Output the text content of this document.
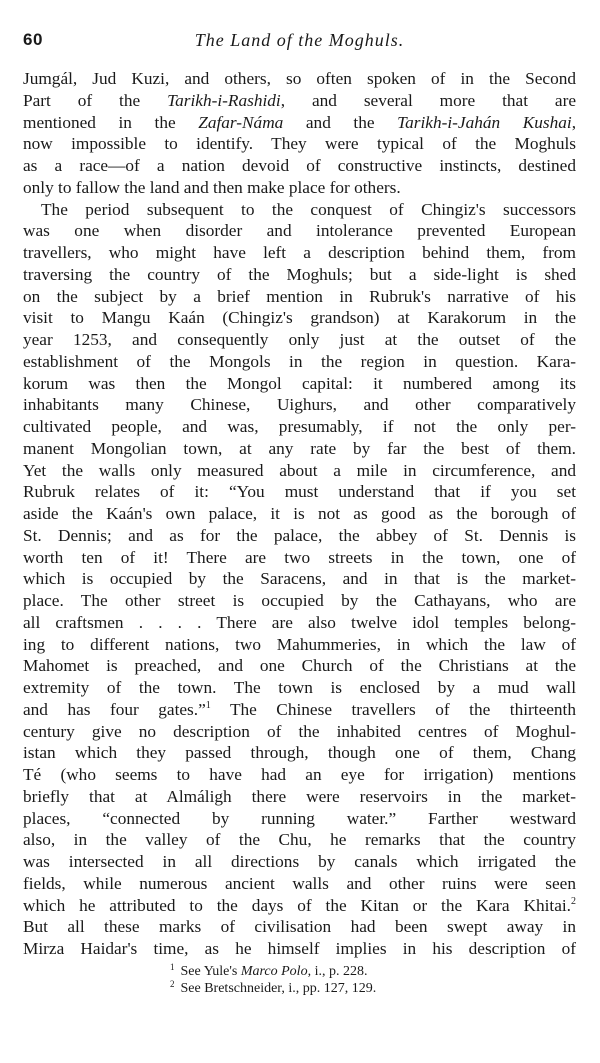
60	The Land of the Moghuls.
Jumgál, Jud Kuzi, and others, so often spoken of in the Second
Part of the Tarikh-i-Rashidi, and several more that are
mentioned in the Zafar-Náma and the Tarikh-i-Jahán Kushai,
now impossible to identify. They were typical of the Moghuls
as a race—of a nation devoid of constructive instincts, destined
only to fallow the land and then make place for others.
The period subsequent to the conquest of Chingiz's successors
was one when disorder and intolerance prevented European
travellers, who might have left a description behind them, from
traversing the country of the Moghuls; but a side-light is shed
on the subject by a brief mention in Rubruk's narrative of his
visit to Mangu Kaán (Chingiz's grandson) at Karakorum in the
year 1253, and consequently only just at the outset of the
establishment of the Mongols in the region in question. Kara-
korum was then the Mongol capital: it numbered among its
inhabitants many Chinese, Uighurs, and other comparatively
cultivated people, and was, presumably, if not the only per-
manent Mongolian town, at any rate by far the best of them.
Yet the walls only measured about a mile in circumference, and
Rubruk relates of it: “You must understand that if you set
aside the Kaán's own palace, it is not as good as the borough of
St. Dennis; and as for the palace, the abbey of St. Dennis is
worth ten of it! There are two streets in the town, one of
which is occupied by the Saracens, and in that is the market-
place. The other street is occupied by the Cathayans, who are
all craftsmen . . . . There are also twelve idol temples belong-
ing to different nations, two Mahummeries, in which the law of
Mahomet is preached, and one Church of the Christians at the
extremity of the town. The town is enclosed by a mud wall
and has four gates.”$^1$ The Chinese travellers of the thirteenth
century give no description of the inhabited centres of Moghul-
istan which they passed through, though one of them, Chang
Té (who seems to have had an eye for irrigation) mentions
briefly that at Almáligh there were reservoirs in the market-
places, “connected by running water.” Farther westward
also, in the valley of the Chu, he remarks that the country
was intersected in all directions by canals which irrigated the
fields, while numerous ancient walls and other ruins were seen
which he attributed to the days of the Kitan or the Kara Khitai.$^2$
But all these marks of civilisation had been swept away in
Mirza Haidar's time, as he himself implies in his description of
$^1$ See Yule's Marco Polo, i., p. 228.
$^2$ See Bretschneider, i., pp. 127, 129.
